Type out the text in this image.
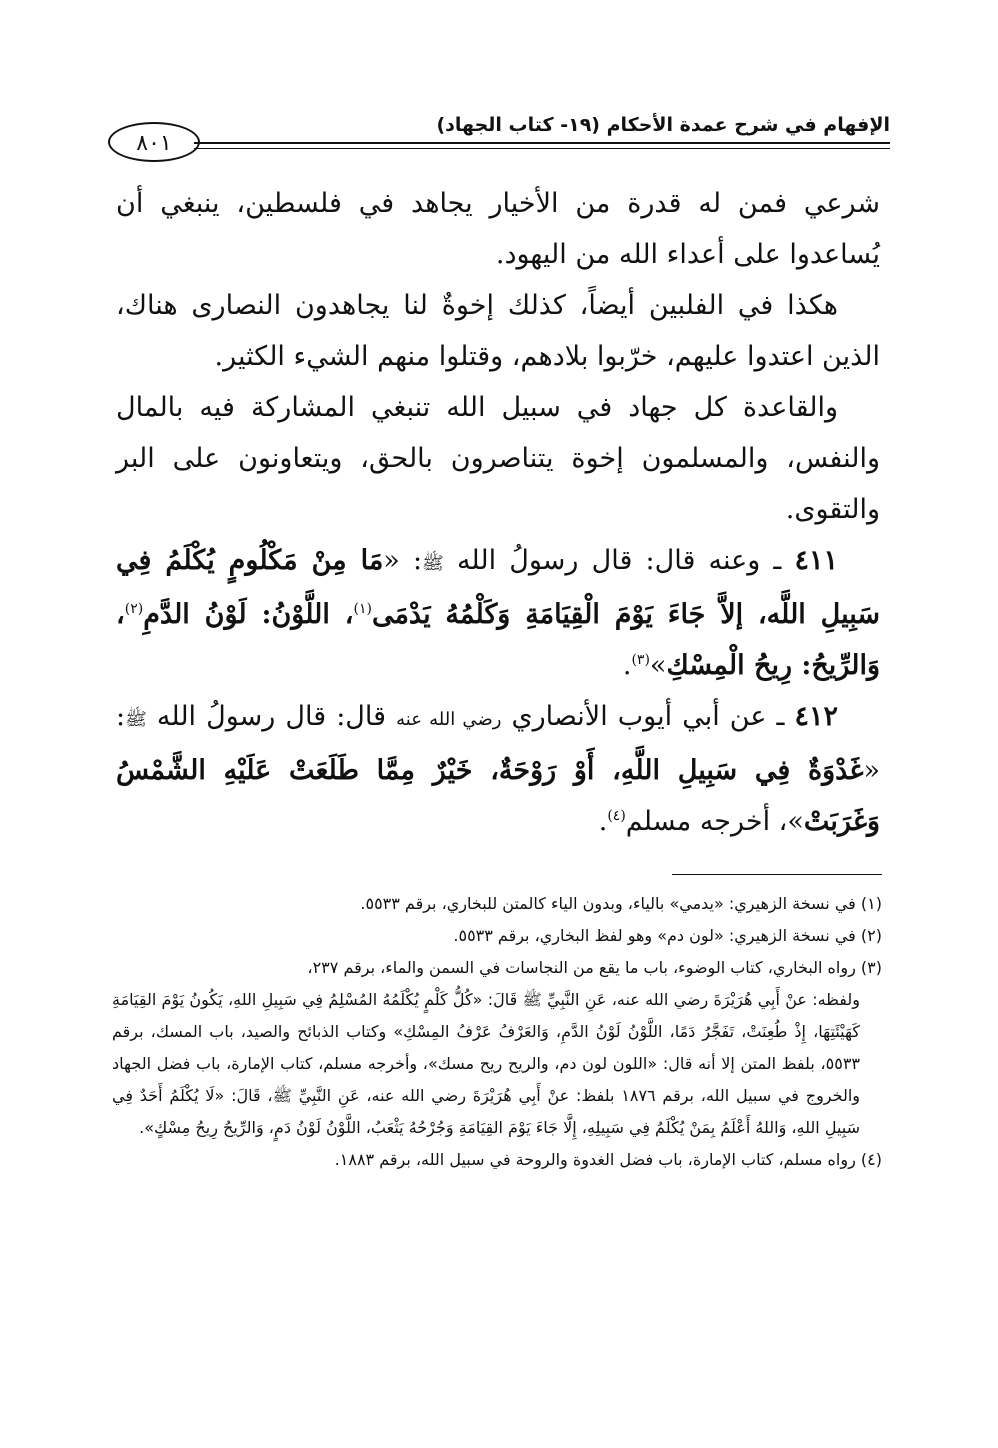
٨٠١
الإفهام في شرح عمدة الأحكام (١٩- كتاب الجهاد)

شرعي فمن له قدرة من الأخيار يجاهد في فلسطين، ينبغي أن يُساعدوا على أعداء الله من اليهود.

هكذا في الفلبين أيضاً، كذلك إخوةٌ لنا يجاهدون النصارى هناك، الذين اعتدوا عليهم، خرّبوا بلادهم، وقتلوا منهم الشيء الكثير.

والقاعدة كل جهاد في سبيل الله تنبغي المشاركة فيه بالمال والنفس، والمسلمون إخوة يتناصرون بالحق، ويتعاونون على البر والتقوى.

٤١١ ـ وعنه قال: قال رسولُ الله ﷺ: «مَا مِنْ مَكْلُومٍ يُكْلَمُ فِي سَبِيلِ اللَّه، إلاَّ جَاءَ يَوْمَ الْقِيَامَةِ وَكَلْمُهُ يَدْمَى$^{(١)}$، اللَّوْنُ: لَوْنُ الدَّمِ$^{(٢)}$، وَالرِّيحُ: رِيحُ الْمِسْكِ»$^{(٣)}$.

٤١٢ ـ عن أبي أيوب الأنصاري رضي الله عنه قال: قال رسولُ الله ﷺ: «غَدْوَةٌ فِي سَبِيلِ اللَّهِ، أَوْ رَوْحَةٌ، خَيْرٌ مِمَّا طَلَعَتْ عَلَيْهِ الشَّمْسُ وَغَرَبَتْ»، أخرجه مسلم$^{(٤)}$.

(١) في نسخة الزهيري: «يدمي» بالياء، وبدون الياء كالمتن للبخاري، برقم ٥٥٣٣.

(٢) في نسخة الزهيري: «لون دم» وهو لفظ البخاري، برقم ٥٥٣٣.

(٣) رواه البخاري، كتاب الوضوء، باب ما يقع من النجاسات في السمن والماء، برقم ٢٣٧،

ولفظه: عنْ أَبِي هُرَيْرَةَ رضي الله عنه، عَنِ النَّبِيِّ ﷺ قَالَ: «كُلُّ كَلْمٍ يُكْلَمُهُ المُسْلِمُ فِي سَبِيلِ اللهِ، يَكُونُ يَوْمَ القِيَامَةِ كَهَيْئَتِهَا، إِذْ طُعِنَتْ، تَفَجَّرُ دَمًا، اللَّوْنُ لَوْنُ الدَّمِ، وَالعَرْفُ عَرْفُ المِسْكِ» وكتاب الذبائح والصيد، باب المسك، برقم ٥٥٣٣، بلفظ المتن إلا أنه قال: «اللون لون دم، والريح ريح مسك»، وأخرجه مسلم، كتاب الإمارة، باب فضل الجهاد والخروج في سبيل الله، برقم ١٨٧٦ بلفظ: عنْ أَبِي هُرَيْرَةَ رضي الله عنه، عَنِ النَّبِيِّ ﷺ، قَالَ: «لَا يُكْلَمُ أَحَدٌ فِي سَبِيلِ اللهِ، وَاللهُ أَعْلَمُ بِمَنْ يُكْلَمُ فِي سَبِيلِهِ، إِلَّا جَاءَ يَوْمَ القِيَامَةِ وَجُرْحُهُ يَثْعَبُ، اللَّوْنُ لَوْنُ دَمٍ، وَالرِّيحُ رِيحُ مِسْكٍ».

(٤) رواه مسلم، كتاب الإمارة، باب فضل الغدوة والروحة في سبيل الله، برقم ١٨٨٣.
